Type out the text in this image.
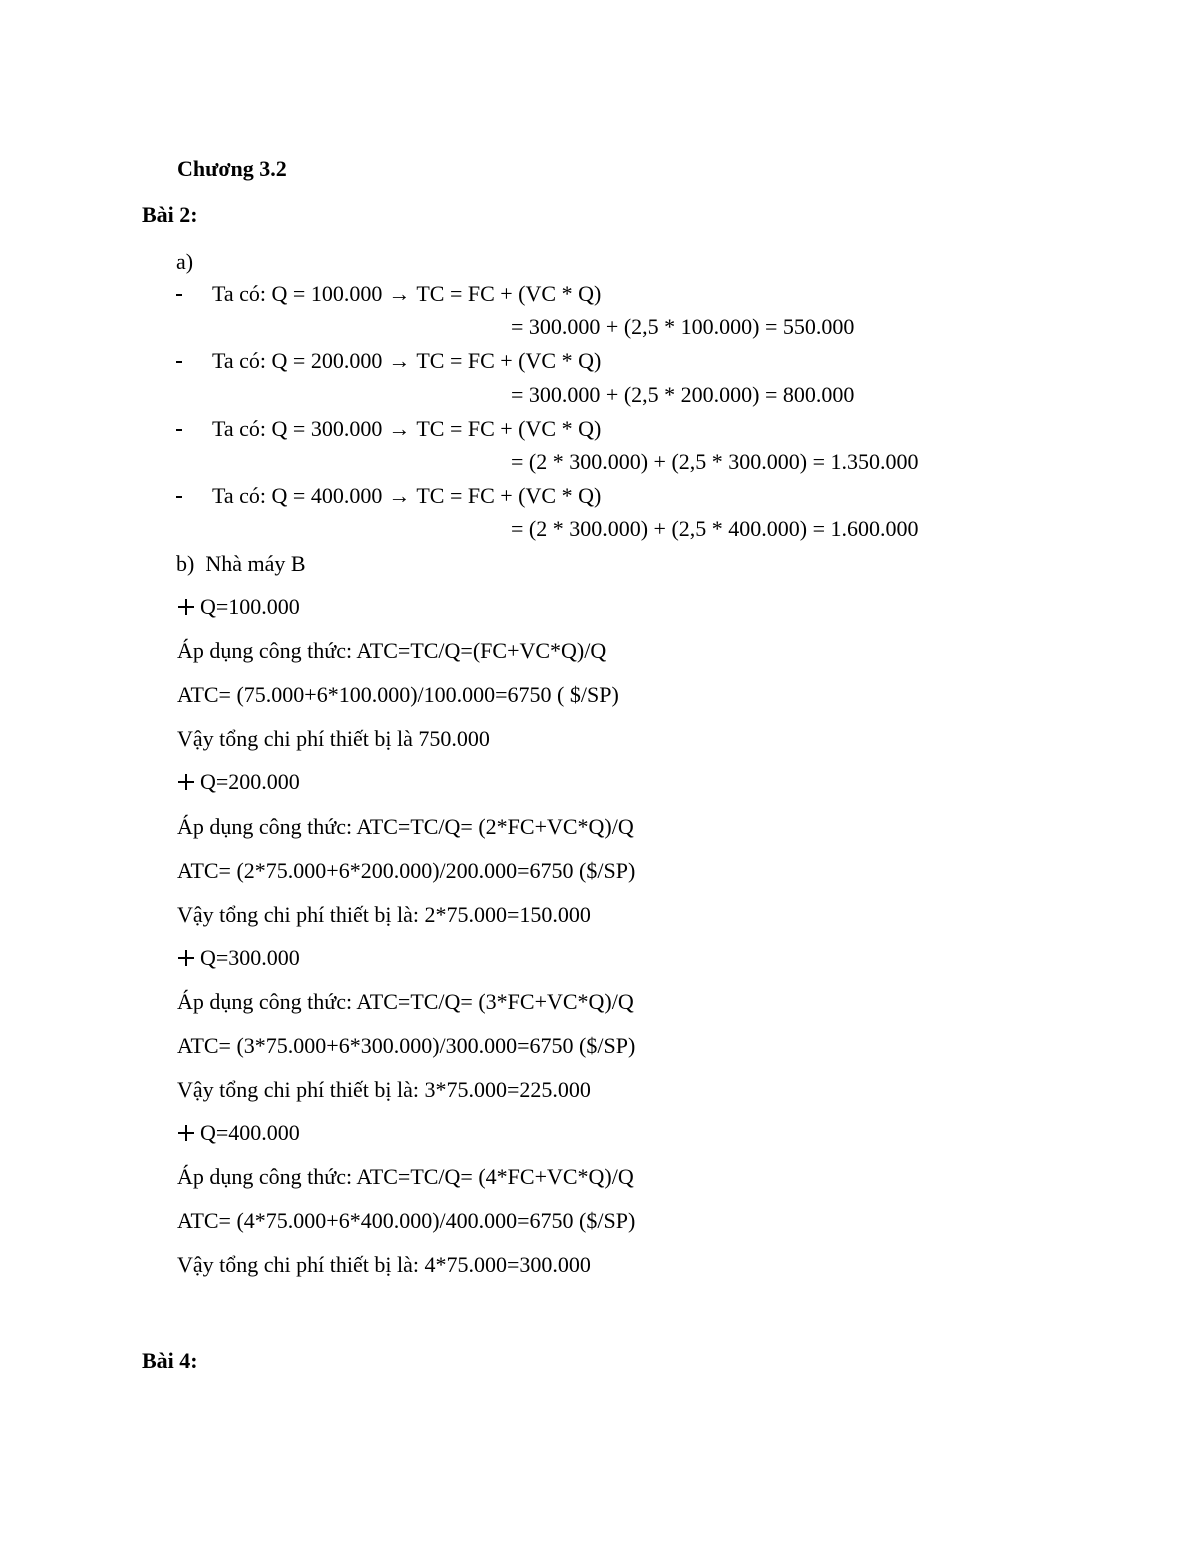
Chương 3.2
Bài 2:
a)
Ta có: Q = 100.000 → TC = FC + (VC * Q)
= 300.000 + (2,5 * 100.000) = 550.000
Ta có: Q = 200.000 → TC = FC + (VC * Q)
= 300.000 + (2,5 * 200.000) = 800.000
Ta có: Q = 300.000 → TC = FC + (VC * Q)
= (2 * 300.000) + (2,5 * 300.000) = 1.350.000
Ta có: Q = 400.000 → TC = FC + (VC * Q)
= (2 * 300.000) + (2,5 * 400.000) = 1.600.000
b) Nhà máy B
Q=100.000
Áp dụng công thức: ATC=TC/Q=(FC+VC*Q)/Q
ATC= (75.000+6*100.000)/100.000=6750 ( $/SP)
Vậy tổng chi phí thiết bị là 750.000
Q=200.000
Áp dụng công thức: ATC=TC/Q= (2*FC+VC*Q)/Q
ATC= (2*75.000+6*200.000)/200.000=6750 ($/SP)
Vậy tổng chi phí thiết bị là: 2*75.000=150.000
Q=300.000
Áp dụng công thức: ATC=TC/Q= (3*FC+VC*Q)/Q
ATC= (3*75.000+6*300.000)/300.000=6750 ($/SP)
Vậy tổng chi phí thiết bị là: 3*75.000=225.000
Q=400.000
Áp dụng công thức: ATC=TC/Q= (4*FC+VC*Q)/Q
ATC= (4*75.000+6*400.000)/400.000=6750 ($/SP)
Vậy tổng chi phí thiết bị là: 4*75.000=300.000
Bài 4:
